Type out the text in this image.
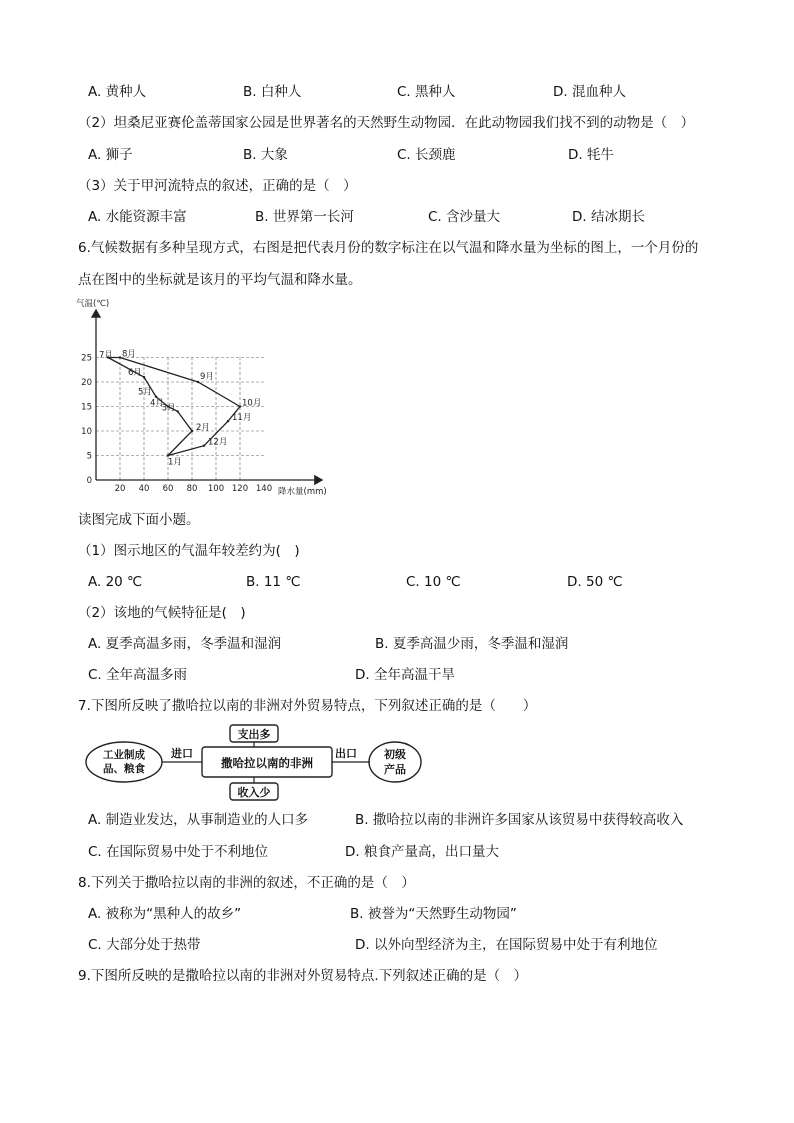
A. 黄种人	B. 白种人	C. 黑种人	D. 混血种人
（2）坦桑尼亚赛伦盖蒂国家公园是世界著名的天然野生动物园．在此动物园我们找不到的动物是（　）
A. 狮子	B. 大象	C. 长颈鹿	D. 牦牛
（3）关于甲河流特点的叙述，正确的是（　）
A. 水能资源丰富	B. 世界第一长河	C. 含沙量大	D. 结冰期长
6.气候数据有多种呈现方式，右图是把代表月份的数字标注在以气温和降水量为坐标的图上，一个月份的
点在图中的坐标就是该月的平均气温和降水量。
20 40 60 80 100 120 140
0
5
10
15
20
25
1月
2月
3月
4月
5月
6月
7月 8月
9月
10月
11月
12月
气温(℃)
降水量(mm)
读图完成下面小题。
（1）图示地区的气温年较差约为(　)
A. 20 ℃	B. 11 ℃	C. 10 ℃	D. 50 ℃
（2）该地的气候特征是(　)
A. 夏季高温多雨，冬季温和湿润	B. 夏季高温少雨，冬季温和湿润
C. 全年高温多雨	D. 全年高温干旱
7.下图所反映了撒哈拉以南的非洲对外贸易特点，下列叙述正确的是（　　）
工业制成
品、粮食
进口
支出多
撒哈拉以南的非洲
收入少
出口 初级
产品
A. 制造业发达，从事制造业的人口多	B. 撒哈拉以南的非洲许多国家从该贸易中获得较高收入
C. 在国际贸易中处于不利地位	D. 粮食产量高，出口量大
8.下列关于撒哈拉以南的非洲的叙述，不正确的是（　）
A. 被称为“黑种人的故乡”	B. 被誉为“天然野生动物园”
C. 大部分处于热带	D. 以外向型经济为主，在国际贸易中处于有利地位
9.下图所反映的是撒哈拉以南的非洲对外贸易特点.下列叙述正确的是（　）
